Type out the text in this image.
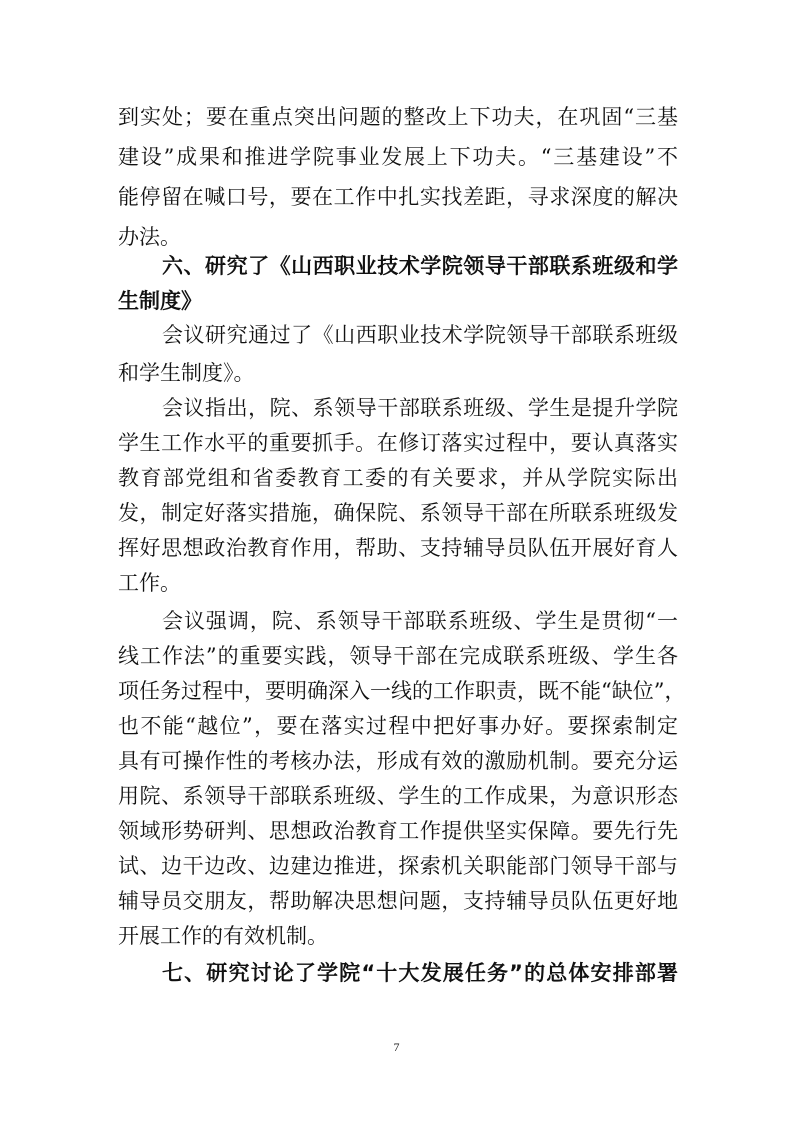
到实处；要在重点突出问题的整改上下功夫，在巩固“三基
建设”成果和推进学院事业发展上下功夫。“三基建设”不
能停留在喊口号，要在工作中扎实找差距，寻求深度的解决
办法。
六、研究了《山西职业技术学院领导干部联系班级和学
生制度》
会议研究通过了《山西职业技术学院领导干部联系班级
和学生制度》。
会议指出，院、系领导干部联系班级、学生是提升学院
学生工作水平的重要抓手。在修订落实过程中，要认真落实
教育部党组和省委教育工委的有关要求，并从学院实际出
发，制定好落实措施，确保院、系领导干部在所联系班级发
挥好思想政治教育作用，帮助、支持辅导员队伍开展好育人
工作。
会议强调，院、系领导干部联系班级、学生是贯彻“一
线工作法”的重要实践，领导干部在完成联系班级、学生各
项任务过程中，要明确深入一线的工作职责，既不能“缺位”，
也不能“越位”，要在落实过程中把好事办好。要探索制定
具有可操作性的考核办法，形成有效的激励机制。要充分运
用院、系领导干部联系班级、学生的工作成果，为意识形态
领域形势研判、思想政治教育工作提供坚实保障。要先行先
试、边干边改、边建边推进，探索机关职能部门领导干部与
辅导员交朋友，帮助解决思想问题，支持辅导员队伍更好地
开展工作的有效机制。
七、研究讨论了学院“十大发展任务”的总体安排部署
7
